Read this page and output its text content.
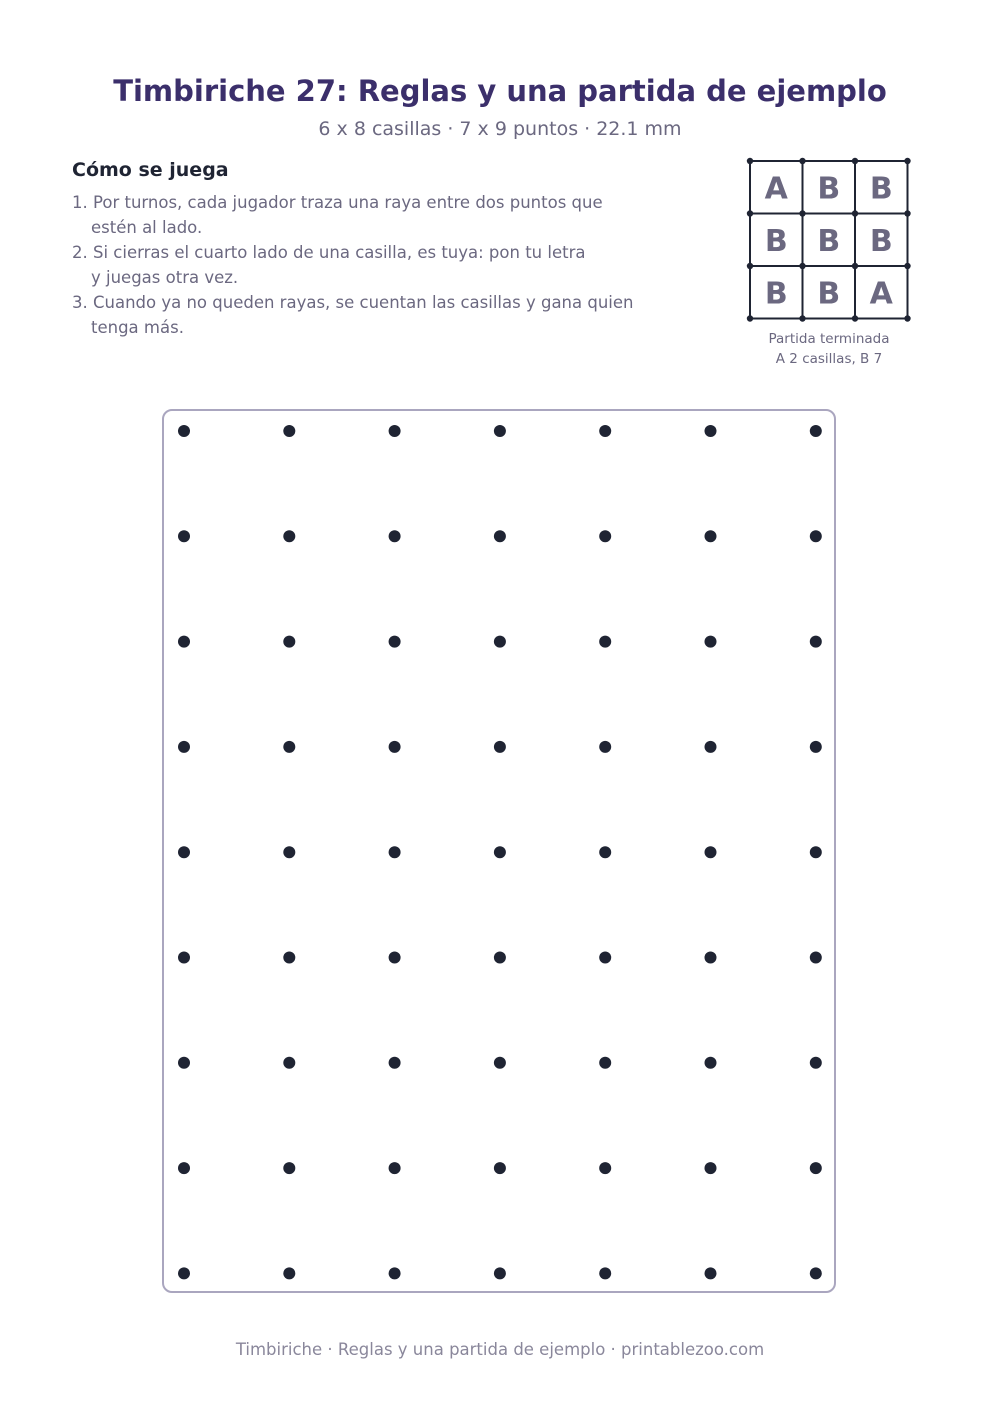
Timbiriche 27: Reglas y una partida de ejemplo
6 x 8 casillas · 7 x 9 puntos · 22.1 mm
Cómo se juega
1. Por turnos, cada jugador traza una raya entre dos puntos que
estén al lado.
2. Si cierras el cuarto lado de una casilla, es tuya: pon tu letra
y juegas otra vez.
3. Cuando ya no queden rayas, se cuentan las casillas y gana quien
tenga más.
A B B
B B B
B B A
Partida terminada
A 2 casillas, B 7
Timbiriche · Reglas y una partida de ejemplo · printablezoo.com
